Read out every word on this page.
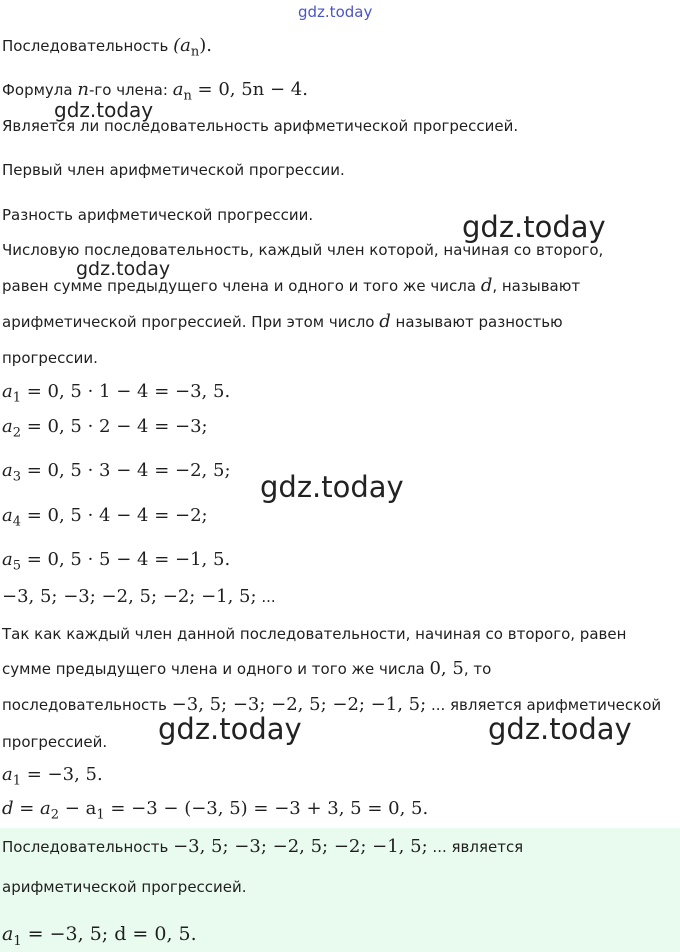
gdz.today
gdz.today
gdz.today
gdz.today
gdz.today
gdz.today	gdz.today
Последовательность $(a_n)$.
Формула n-го члена: $a_n = 0$, 5n − 4.
Является ли последовательность арифметической прогрессией.
Первый член арифметической прогрессии.
Разность арифметической прогрессии.
Числовую последовательность, каждый член которой, начиная со второго,
равен сумме предыдущего члена и одного и того же числа d, называют
арифметической прогрессией. При этом число d называют разностью
прогрессии.
$a_1 = 0$, 5 · 1 − 4 = −3, 5.
$a_2 = 0$, 5 · 2 − 4 = −3;
$a_3 = 0$, 5 · 3 − 4 = −2, 5;
$a_4 = 0$, 5 · 4 − 4 = −2;
$a_5 = 0$, 5 · 5 − 4 = −1, 5.
−3, 5; −3; −2, 5; −2; −1, 5; ...
Так как каждый член данной последовательности, начиная со второго, равен
сумме предыдущего члена и одного и того же числа 0, 5, то
последовательность −3, 5; −3; −2, 5; −2; −1, 5; ... является арифметической
прогрессией.
$a_1 = -3$, 5.
$d = a_2 - a_1 = -3 - (-3$, 5) = −3 + 3, 5 = 0, 5.
Последовательность −3, 5; −3; −2, 5; −2; −1, 5; ... является
арифметической прогрессией.
$a_1 = -3$, 5; d = 0, 5.
